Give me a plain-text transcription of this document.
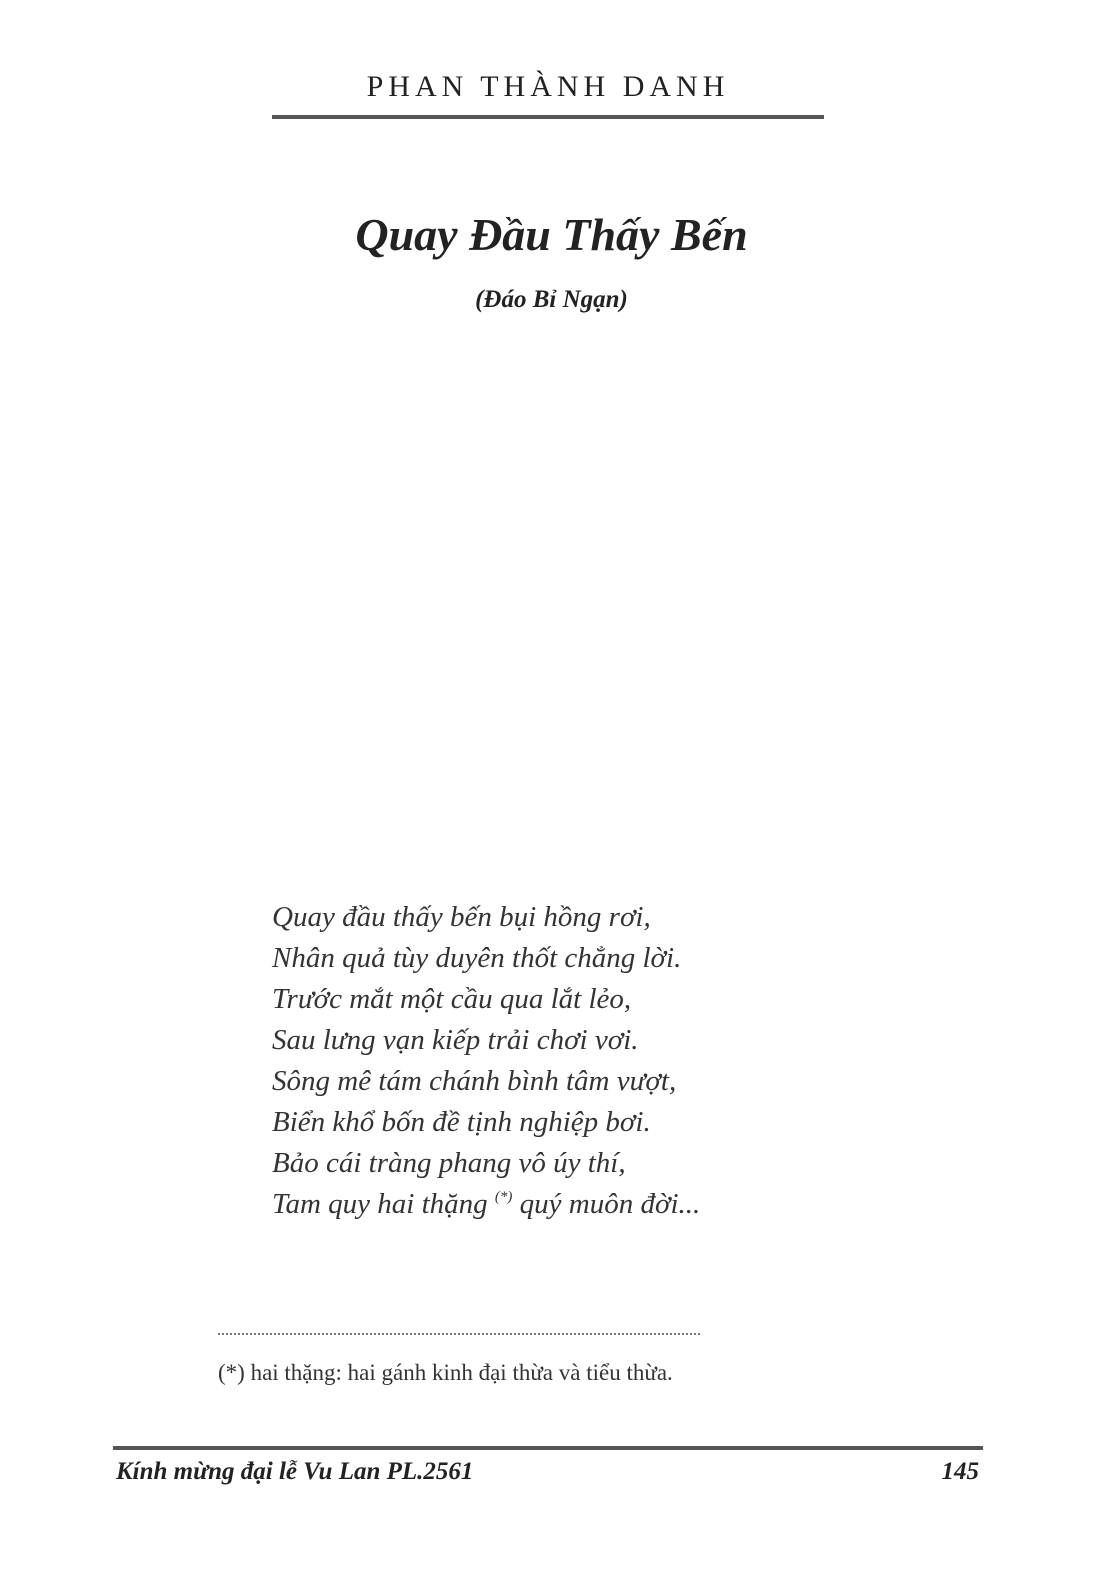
PHAN THÀNH DANH
Quay Đầu Thấy Bến
(Đáo Bỉ Ngạn)
Quay đầu thấy bến bụi hồng rơi,
Nhân quả tùy duyên thốt chẳng lời.
Trước mắt một cầu qua lắt lẻo,
Sau lưng vạn kiếp trải chơi vơi.
Sông mê tám chánh bình tâm vượt,
Biển khổ bốn đề tịnh nghiệp bơi.
Bảo cái tràng phang vô úy thí,
Tam quy hai thặng (*) quý muôn đời...
(*) hai thặng: hai gánh kinh đại thừa và tiểu thừa.
Kính mừng đại lễ Vu Lan PL.2561	145
